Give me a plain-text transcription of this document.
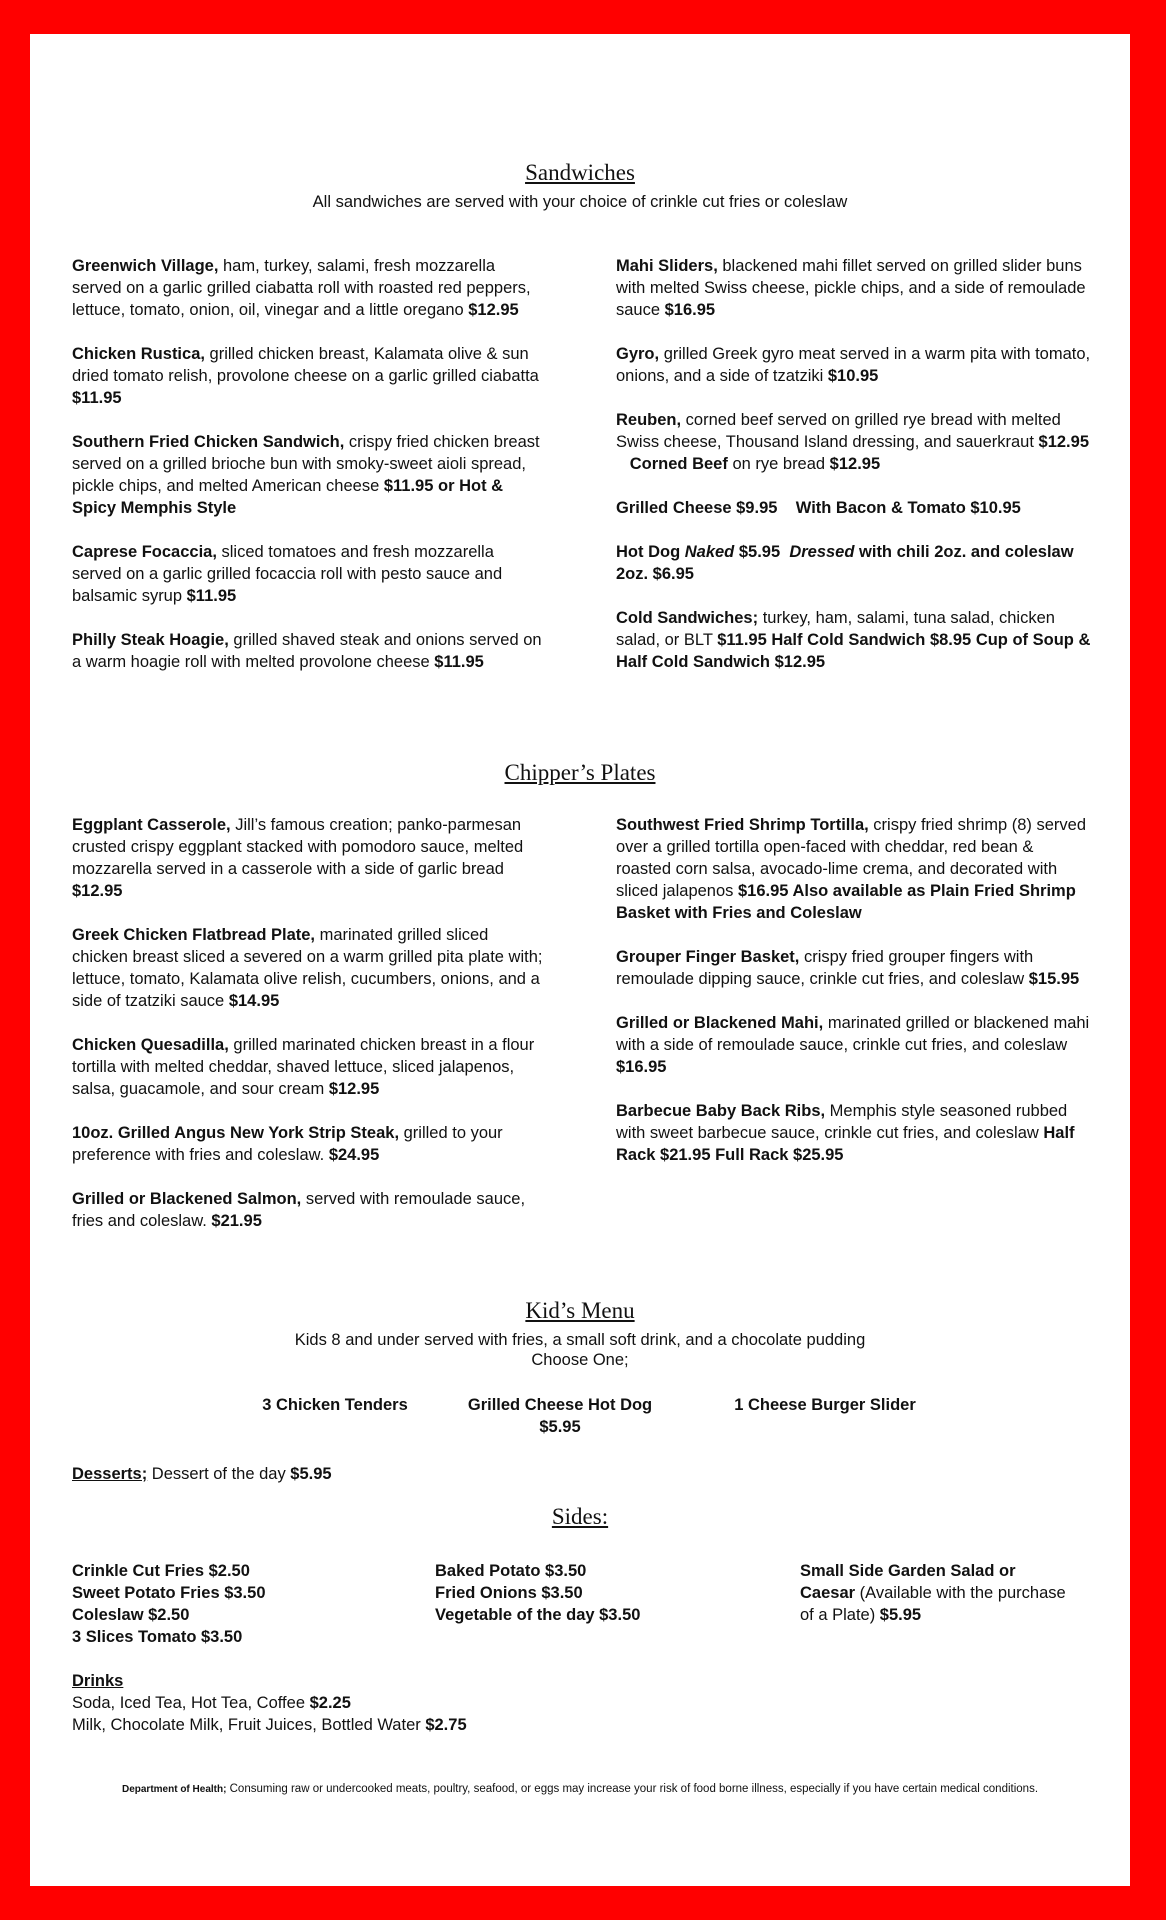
Sandwiches
All sandwiches are served with your choice of crinkle cut fries or coleslaw

Greenwich Village, ham, turkey, salami, fresh mozzarella served on a garlic grilled ciabatta roll with roasted red peppers, lettuce, tomato, onion, oil, vinegar and a little oregano $12.95

Chicken Rustica, grilled chicken breast, Kalamata olive & sun dried tomato relish, provolone cheese on a garlic grilled ciabatta $11.95

Southern Fried Chicken Sandwich, crispy fried chicken breast served on a grilled brioche bun with smoky-sweet aioli spread, pickle chips, and melted American cheese $11.95 or Hot & Spicy Memphis Style

Caprese Focaccia, sliced tomatoes and fresh mozzarella served on a garlic grilled focaccia roll with pesto sauce and balsamic syrup $11.95

Philly Steak Hoagie, grilled shaved steak and onions served on a warm hoagie roll with melted provolone cheese $11.95

Mahi Sliders, blackened mahi fillet served on grilled slider buns with melted Swiss cheese, pickle chips, and a side of remoulade sauce $16.95

Gyro, grilled Greek gyro meat served in a warm pita with tomato, onions, and a side of tzatziki $10.95

Reuben, corned beef served on grilled rye bread with melted Swiss cheese, Thousand Island dressing, and sauerkraut $12.95   Corned Beef on rye bread $12.95

Grilled Cheese $9.95    With Bacon & Tomato $10.95

Hot Dog Naked $5.95  Dressed with chili 2oz. and coleslaw 2oz. $6.95

Cold Sandwiches; turkey, ham, salami, tuna salad, chicken salad, or BLT $11.95 Half Cold Sandwich $8.95 Cup of Soup & Half Cold Sandwich $12.95

Chipper’s Plates

Eggplant Casserole, Jill’s famous creation; panko-parmesan crusted crispy eggplant stacked with pomodoro sauce, melted mozzarella served in a casserole with a side of garlic bread $12.95

Greek Chicken Flatbread Plate, marinated grilled sliced chicken breast sliced a severed on a warm grilled pita plate with; lettuce, tomato, Kalamata olive relish, cucumbers, onions, and a side of tzatziki sauce $14.95

Chicken Quesadilla, grilled marinated chicken breast in a flour tortilla with melted cheddar, shaved lettuce, sliced jalapenos, salsa, guacamole, and sour cream $12.95

10oz. Grilled Angus New York Strip Steak, grilled to your preference with fries and coleslaw. $24.95

Grilled or Blackened Salmon, served with remoulade sauce, fries and coleslaw. $21.95

Southwest Fried Shrimp Tortilla, crispy fried shrimp (8) served over a grilled tortilla open-faced with cheddar, red bean & roasted corn salsa, avocado-lime crema, and decorated with sliced jalapenos $16.95 Also available as Plain Fried Shrimp Basket with Fries and Coleslaw

Grouper Finger Basket, crispy fried grouper fingers with remoulade dipping sauce, crinkle cut fries, and coleslaw $15.95

Grilled or Blackened Mahi, marinated grilled or blackened mahi with a side of remoulade sauce, crinkle cut fries, and coleslaw $16.95

Barbecue Baby Back Ribs, Memphis style seasoned rubbed with sweet barbecue sauce, crinkle cut fries, and coleslaw Half Rack $21.95 Full Rack $25.95

Kid’s Menu
Kids 8 and under served with fries, a small soft drink, and a chocolate pudding
Choose One;
3 Chicken Tenders	Grilled Cheese Hot Dog
$5.95
1 Cheese Burger Slider
Desserts; Dessert of the day $5.95
Sides:
Crinkle Cut Fries $2.50
Sweet Potato Fries $3.50
Coleslaw $2.50
3 Slices Tomato $3.50
Baked Potato $3.50
Fried Onions $3.50
Vegetable of the day $3.50
Small Side Garden Salad or Caesar (Available with the purchase of a Plate) $5.95
Drinks
Soda, Iced Tea, Hot Tea, Coffee $2.25
Milk, Chocolate Milk, Fruit Juices, Bottled Water $2.75
Department of Health; Consuming raw or undercooked meats, poultry, seafood, or eggs may increase your risk of food borne illness, especially if you have certain medical conditions.
